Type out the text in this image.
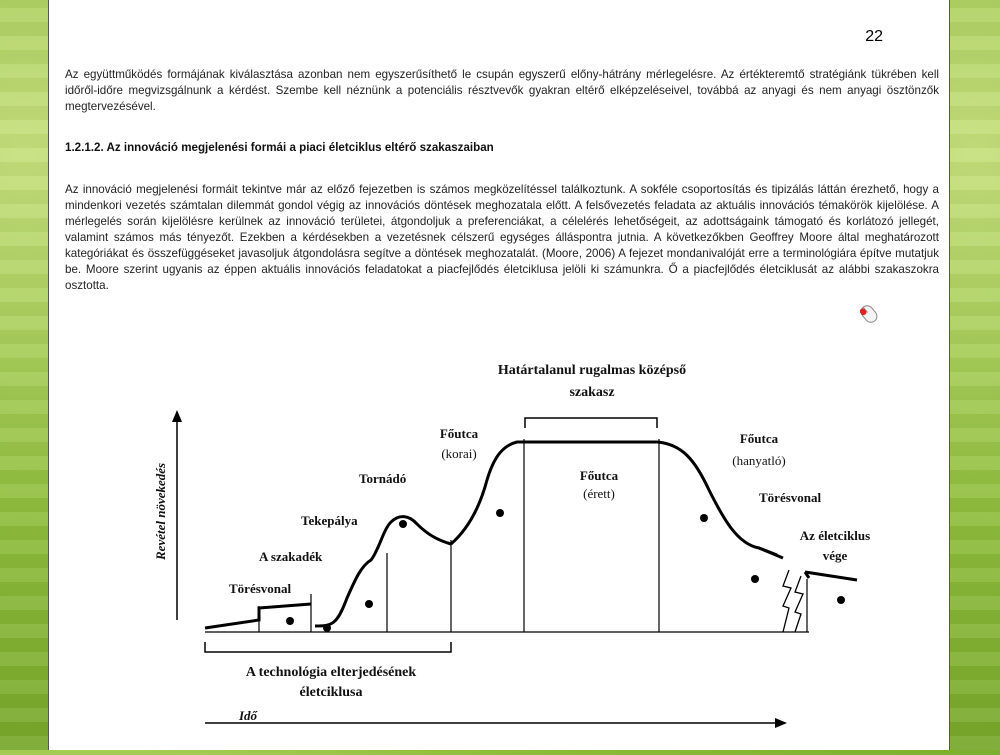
22

Az együttműködés formájának kiválasztása azonban nem egyszerűsíthető le csupán egyszerű előny-hátrány mérlegelésre. Az értékteremtő stratégiánk tükrében kell időről-időre megvizsgálnunk a kérdést. Szembe kell néznünk a potenciális résztvevők gyakran eltérő elképzeléseivel, továbbá az anyagi és nem anyagi ösztönzők megtervezésével.

1.2.1.2. Az innováció megjelenési formái a piaci életciklus eltérő szakaszaiban

Az innováció megjelenési formáit tekintve már az előző fejezetben is számos megközelítéssel találkoztunk. A sokféle csoportosítás és tipizálás láttán érezhető, hogy a mindenkori vezetés számtalan dilemmát gondol végig az innovációs döntések meghozatala előtt. A felsővezetés feladata az aktuális innovációs témakörök kijelölése. A mérlegelés során kijelölésre kerülnek az innováció területei, átgondoljuk a preferenciákat, a célelérés lehetőségeit, az adottságaink támogató és korlátozó jellegét, valamint számos más tényezőt. Ezekben a kérdésekben a vezetésnek célszerű egységes álláspontra jutnia. A következőkben Geoffrey Moore által meghatározott kategóriákat és összefüggéseket javasoljuk átgondolásra segítve a döntések meghozatalát. (Moore, 2006) A fejezet mondanivalóját erre a terminológiára építve mutatjuk be. Moore szerint ugyanis az éppen aktuális innovációs feladatokat a piacfejlődés életciklusa jelöli ki számunkra. Ő a piacfejlődés életciklusát az alábbi szakaszokra osztotta.

Revétel növekedés
Idő
Határtalanul rugalmas középső
szakasz
Törésvonal
A szakadék
Tekepálya
Tornádó
Főutca
(korai)
Főutca
(érett)
Főutca
(hanyatló)
Törésvonal
Az életciklus
vége
A technológia elterjedésének
életciklusa
